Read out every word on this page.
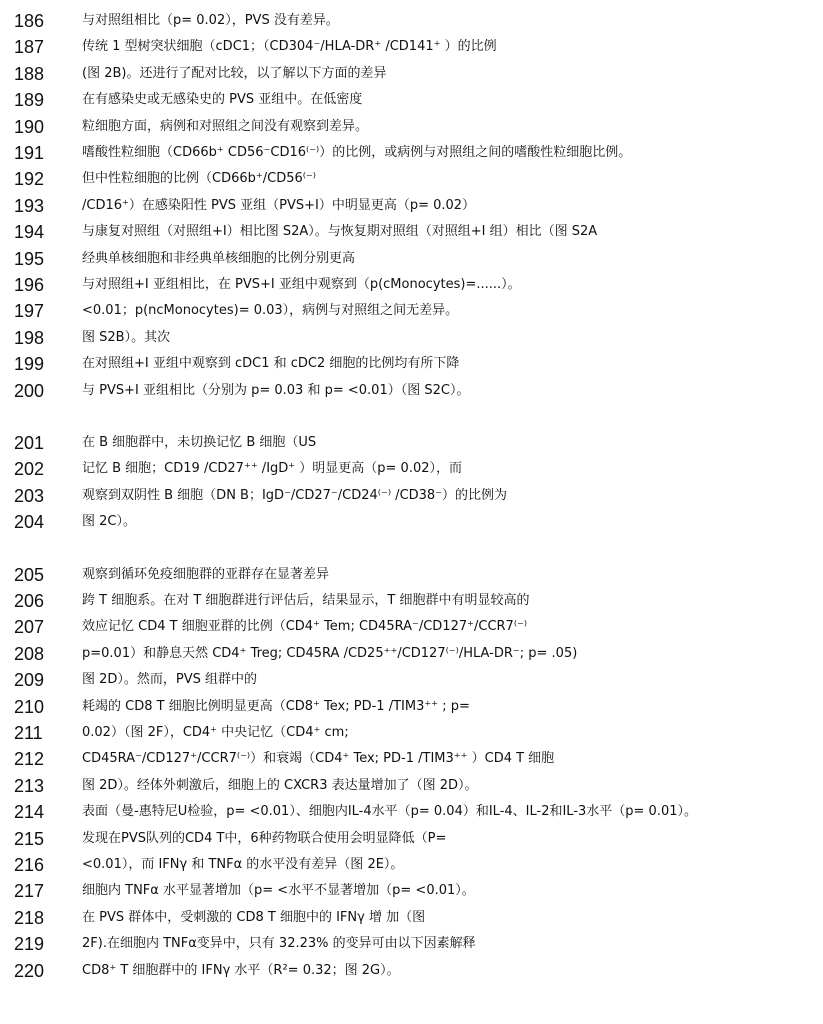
186	与对照组相比（p= 0.02），PVS 没有差异。
187	传统 1 型树突状细胞（cDC1；（CD304⁻/HLA-DR⁺ /CD141⁺ ）的比例
188	(图 2B)。还进行了配对比较，以了解以下方面的差异
189	在有感染史或无感染史的 PVS 亚组中。在低密度
190	粒细胞方面，病例和对照组之间没有观察到差异。
191	嗜酸性粒细胞（CD66b⁺ CD56⁻CD16⁽⁻⁾）的比例，或病例与对照组之间的嗜酸性粒细胞比例。
192	但中性粒细胞的比例（CD66b⁺/CD56⁽⁻⁾
193	/CD16⁺）在感染阳性 PVS 亚组（PVS+I）中明显更高（p= 0.02）
194	与康复对照组（对照组+I）相比图 S2A）。与恢复期对照组（对照组+I 组）相比（图 S2A
195	经典单核细胞和非经典单核细胞的比例分别更高
196	与对照组+I 亚组相比，在 PVS+I 亚组中观察到（p(cMonocytes)=......）。
197	<0.01；p(ncMonocytes)= 0.03），病例与对照组之间无差异。
198	图 S2B）。其次
199	在对照组+I 亚组中观察到 cDC1 和 cDC2 细胞的比例均有所下降
200	与 PVS+I 亚组相比（分别为 p= 0.03 和 p= <0.01）（图 S2C）。
201	在 B 细胞群中，未切换记忆 B 细胞（US
202	记忆 B 细胞；CD19 /CD27⁺⁺ /IgD⁺ ）明显更高（p= 0.02），而
203	观察到双阴性 B 细胞（DN B；IgD⁻/CD27⁻/CD24⁽⁻⁾ /CD38⁻）的比例为
204	图 2C）。
205	观察到循环免疫细胞群的亚群存在显著差异
206	跨 T 细胞系。在对 T 细胞群进行评估后，结果显示，T 细胞群中有明显较高的
207	效应记忆 CD4 T 细胞亚群的比例（CD4⁺ Tem; CD45RA⁻/CD127⁺/CCR7⁽⁻⁾
208	p=0.01）和静息天然 CD4⁺ Treg; CD45RA /CD25⁺⁺/CD127⁽⁻⁾/HLA-DR⁻; p= .05)
209	图 2D）。然而，PVS 组群中的
210	耗竭的 CD8 T 细胞比例明显更高（CD8⁺ Tex; PD-1 /TIM3⁺⁺ ; p=
211	0.02）（图 2F），CD4⁺ 中央记忆（CD4⁺ cm;
212	CD45RA⁻/CD127⁺/CCR7⁽⁻⁾）和衰竭（CD4⁺ Tex; PD-1 /TIM3⁺⁺ ）CD4 T 细胞
213	图 2D）。经体外刺激后，细胞上的 CXCR3 表达量增加了（图 2D）。
214	表面（曼-惠特尼U检验，p= <0.01）、细胞内IL-4水平（p= 0.04）和IL-4、IL-2和IL-3水平（p= 0.01）。
215	发现在PVS队列的CD4 T中，6种药物联合使用会明显降低（P=
216	<0.01），而 IFNγ 和 TNFα 的水平没有差异（图 2E）。
217	细胞内 TNFα 水平显著增加（p= <水平不显著增加（p= <0.01）。
218	在 PVS 群体中，受刺激的 CD8 T 细胞中的 IFNγ 增 加（图
219	2F).在细胞内 TNFα变异中，只有 32.23% 的变异可由以下因素解释
220	CD8⁺ T 细胞群中的 IFNγ 水平（R²= 0.32；图 2G）。
